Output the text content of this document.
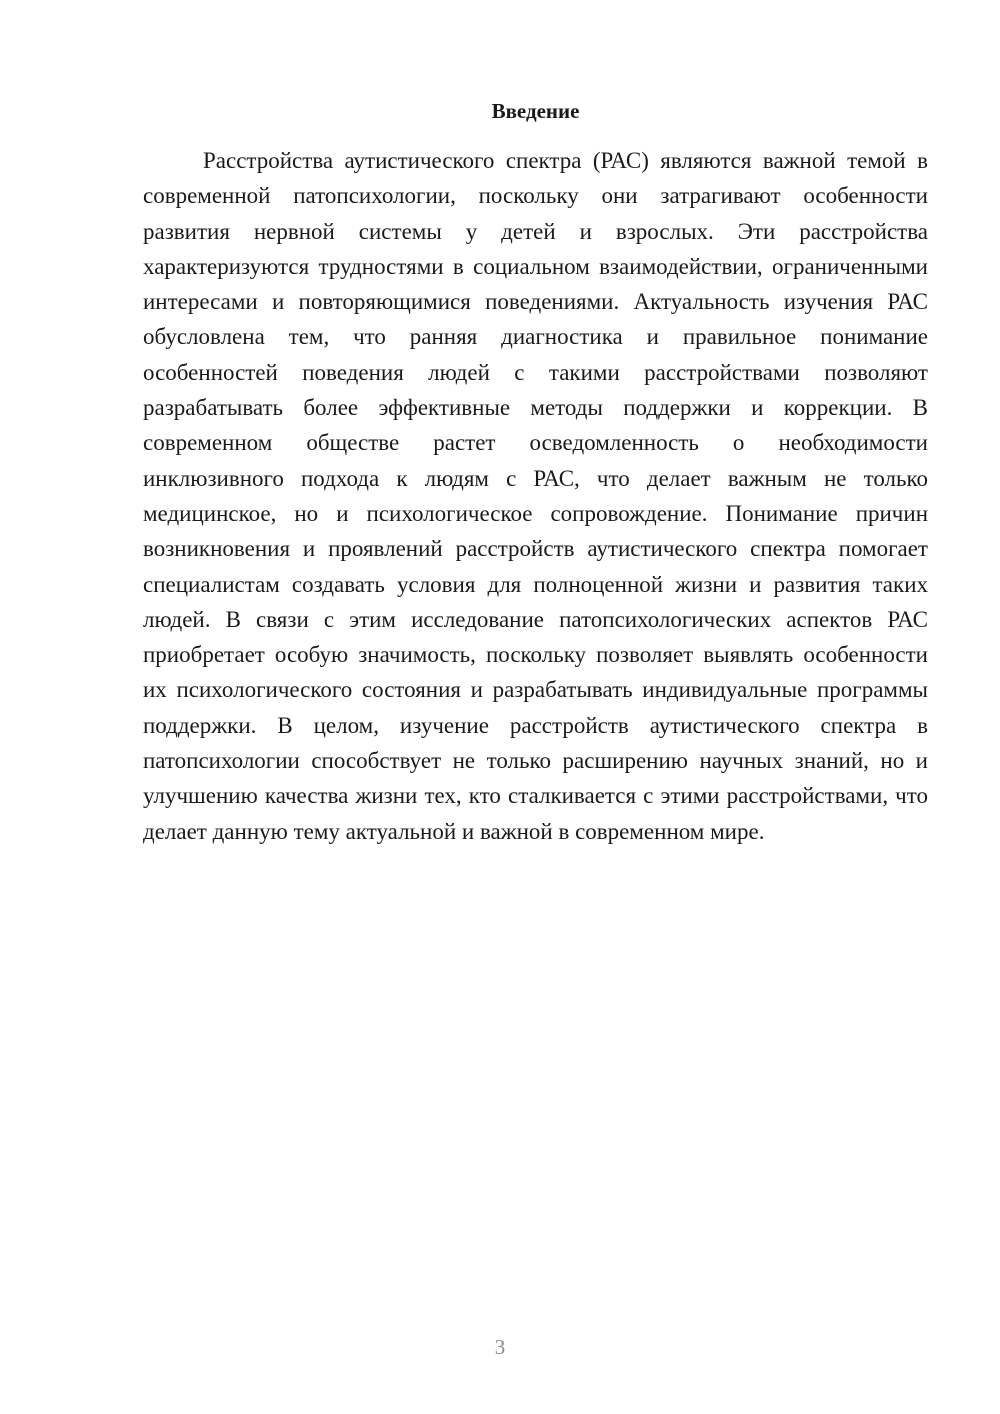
Введение

Расстройства аутистического спектра (РАС) являются важной темой в современной патопсихологии, поскольку они затрагивают особенности развития нервной системы у детей и взрослых. Эти расстройства характеризуются трудностями в социальном взаимодействии, ограниченными интересами и повторяющимися поведениями. Актуальность изучения РАС обусловлена тем, что ранняя диагностика и правильное понимание особенностей поведения людей с такими расстройствами позволяют разрабатывать более эффективные методы поддержки и коррекции. В современном обществе растет осведомленность о необходимости инклюзивного подхода к людям с РАС, что делает важным не только медицинское, но и психологическое сопровождение. Понимание причин возникновения и проявлений расстройств аутистического спектра помогает специалистам создавать условия для полноценной жизни и развития таких людей. В связи с этим исследование патопсихологических аспектов РАС приобретает особую значимость, поскольку позволяет выявлять особенности их психологического состояния и разрабатывать индивидуальные программы поддержки. В целом, изучение расстройств аутистического спектра в патопсихологии способствует не только расширению научных знаний, но и улучшению качества жизни тех, кто сталкивается с этими расстройствами, что делает данную тему актуальной и важной в современном мире.

3
